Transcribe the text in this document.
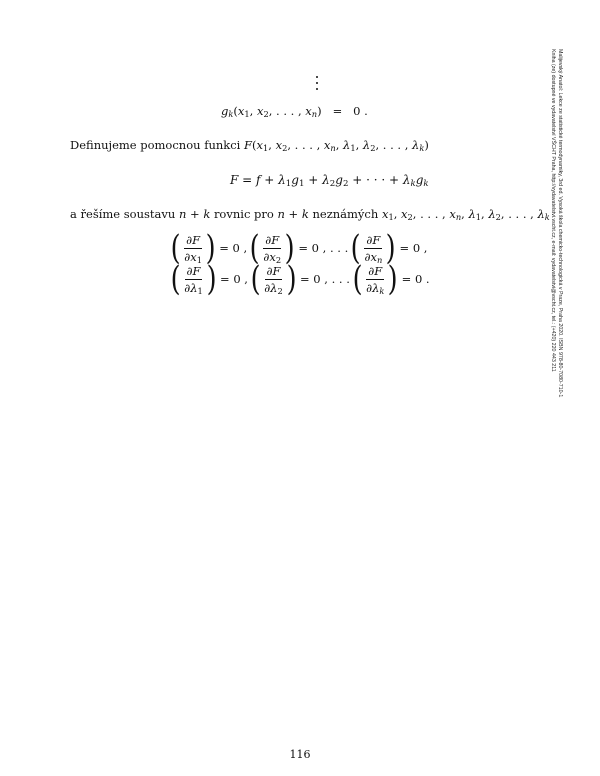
$g_k(x_1$, $x_2$, . . . , $x_n) = 0$ .
Definujeme pomocnou funkci $F(x_1$, $x_2$, . . . , $x_n$, $\lambda_1$, $\lambda_2$, . . . , $\lambda_k$)
$F = f + \lambda_1g_1 + \lambda_2g_2$ + · · · + $\lambda_kg_k$
a řešíme soustavu n + k rovnic pro n + k neznámých $x_1$, $x_2$, . . . , $x_n$, $\lambda_1$, $\lambda_2$, . . . , $\lambda_k$
( $\frac{\partial F}{\partial x_1}$ ) = 0 , ( $\frac{\partial F}{\partial x_2}$ ) = 0 , . . . ( $\frac{\partial F}{\partial x_n}$ ) = 0 ,
( $\frac{\partial F}{\partial\lambda_1}$ ) = 0 , ( $\frac{\partial F}{\partial\lambda_2}$ ) = 0 , . . . ( $\frac{\partial F}{\partial\lambda_k}$ ) = 0 .	Malijevský Anatol: Lekce ze statistické termodynamiky, 3rd ed. Vysoká škola chemicko-technologická v Praze, Praha 2020. ISBN 978-80-7080-710-1
Kniha (ze) dostupné ve vydavatelství VŠCHT Praha, http://vydavatelstvi.vscht.cz, e-mail: vydavatelstvi@vscht.cz, tel.: (+420) 220 443 211
116
